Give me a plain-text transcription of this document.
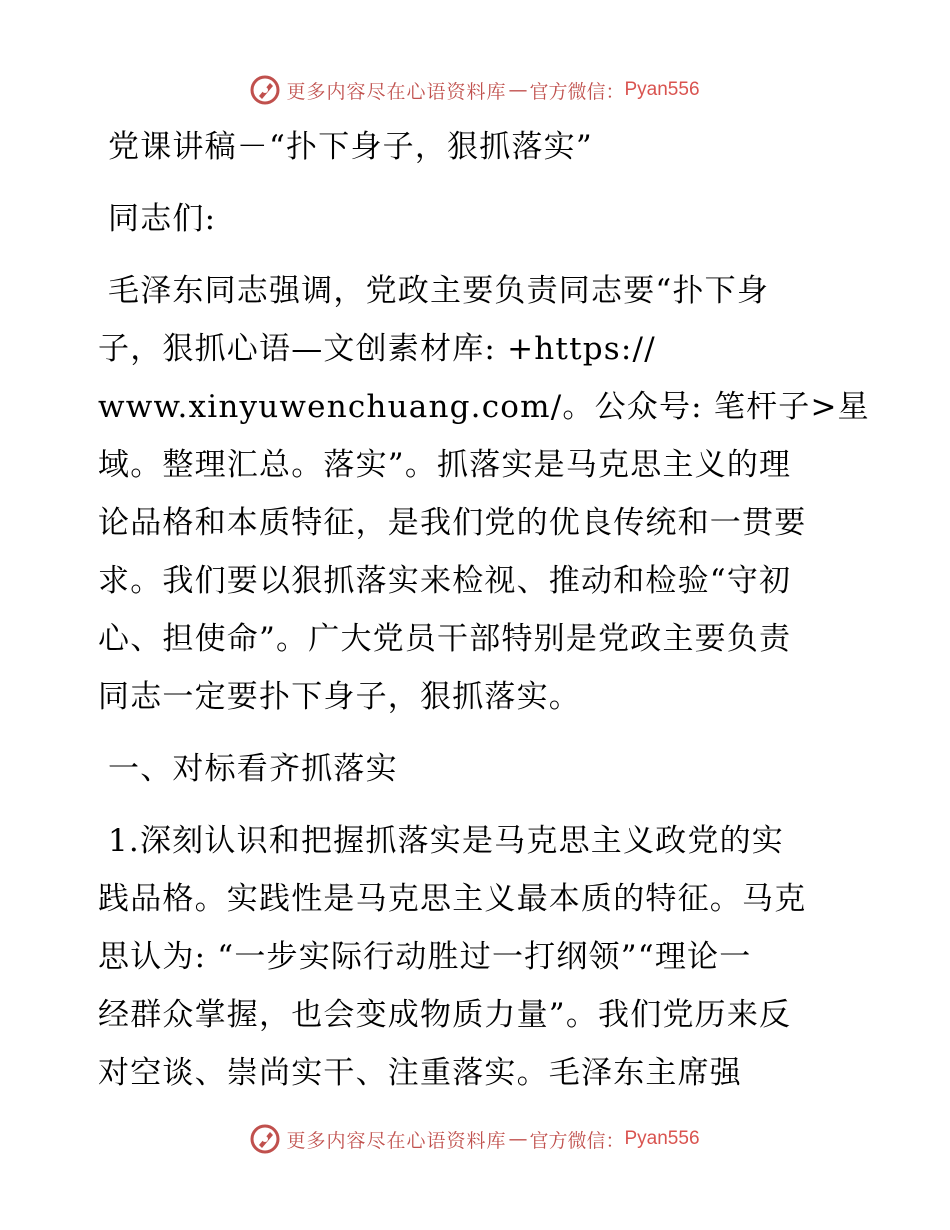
更多内容尽在心语资料库 — 官方微信： Pyan556

党课讲稿－“扑下身子，狠抓落实”

同志们:

毛泽东同志强调，党政主要负责同志要“扑下身
子，狠抓心语—文创素材库: +https://
www.xinyuwenchuang.com/。公众号: 笔杆子>星
域。整理汇总。落实”。抓落实是马克思主义的理
论品格和本质特征，是我们党的优良传统和一贯要
求。我们要以狠抓落实来检视、推动和检验“守初
心、担使命”。广大党员干部特别是党政主要负责
同志一定要扑下身子，狠抓落实。

一、对标看齐抓落实

1.深刻认识和把握抓落实是马克思主义政党的实
践品格。实践性是马克思主义最本质的特征。马克
思认为: “一步实际行动胜过一打纲领”“理论一
经群众掌握，也会变成物质力量”。我们党历来反
对空谈、崇尚实干、注重落实。毛泽东主席强

更多内容尽在心语资料库 — 官方微信： Pyan556
